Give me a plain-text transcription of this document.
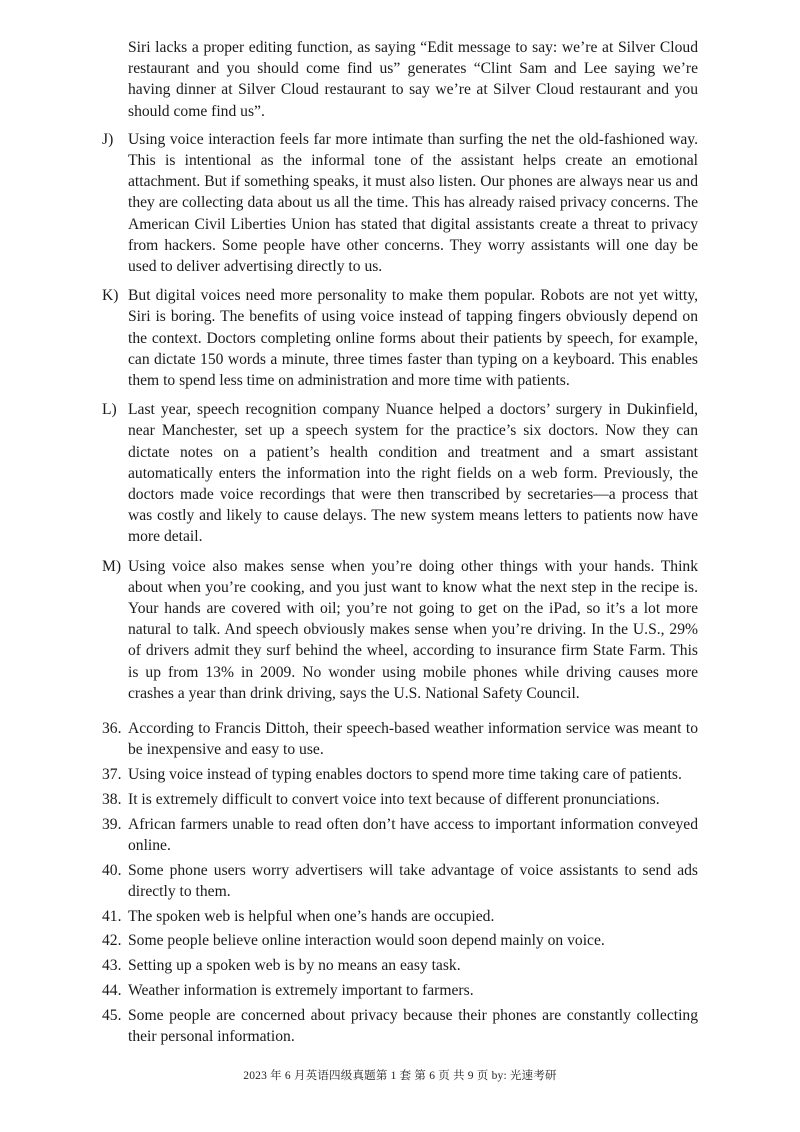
Siri lacks a proper editing function, as saying “Edit message to say: we’re at Silver Cloud restaurant and you should come find us” generates “Clint Sam and Lee saying we’re having dinner at Silver Cloud restaurant to say we’re at Silver Cloud restaurant and you should come find us”.

J) Using voice interaction feels far more intimate than surfing the net the old-fashioned way. This is intentional as the informal tone of the assistant helps create an emotional attachment. But if something speaks, it must also listen. Our phones are always near us and they are collecting data about us all the time. This has already raised privacy concerns. The American Civil Liberties Union has stated that digital assistants create a threat to privacy from hackers. Some people have other concerns. They worry assistants will one day be used to deliver advertising directly to us.
K) But digital voices need more personality to make them popular. Robots are not yet witty, Siri is boring. The benefits of using voice instead of tapping fingers obviously depend on the context. Doctors completing online forms about their patients by speech, for example, can dictate 150 words a minute, three times faster than typing on a keyboard. This enables them to spend less time on administration and more time with patients.
L) Last year, speech recognition company Nuance helped a doctors’ surgery in Dukinfield, near Manchester, set up a speech system for the practice’s six doctors. Now they can dictate notes on a patient’s health condition and treatment and a smart assistant automatically enters the information into the right fields on a web form. Previously, the doctors made voice recordings that were then transcribed by secretaries—a process that was costly and likely to cause delays. The new system means letters to patients now have more detail.
M) Using voice also makes sense when you’re doing other things with your hands. Think about when you’re cooking, and you just want to know what the next step in the recipe is. Your hands are covered with oil; you’re not going to get on the iPad, so it’s a lot more natural to talk. And speech obviously makes sense when you’re driving. In the U.S., 29% of drivers admit they surf behind the wheel, according to insurance firm State Farm. This is up from 13% in 2009. No wonder using mobile phones while driving causes more crashes a year than drink driving, says the U.S. National Safety Council.
36. According to Francis Dittoh, their speech-based weather information service was meant to be inexpensive and easy to use.
37. Using voice instead of typing enables doctors to spend more time taking care of patients.
38. It is extremely difficult to convert voice into text because of different pronunciations.
39. African farmers unable to read often don’t have access to important information conveyed online.
40. Some phone users worry advertisers will take advantage of voice assistants to send ads directly to them.
41. The spoken web is helpful when one’s hands are occupied.
42. Some people believe online interaction would soon depend mainly on voice.
43. Setting up a spoken web is by no means an easy task.
44. Weather information is extremely important to farmers.
45. Some people are concerned about privacy because their phones are constantly collecting their personal information.
2023 年 6 月英语四级真题第 1 套 第 6 页 共 9 页 by: 光速考研
